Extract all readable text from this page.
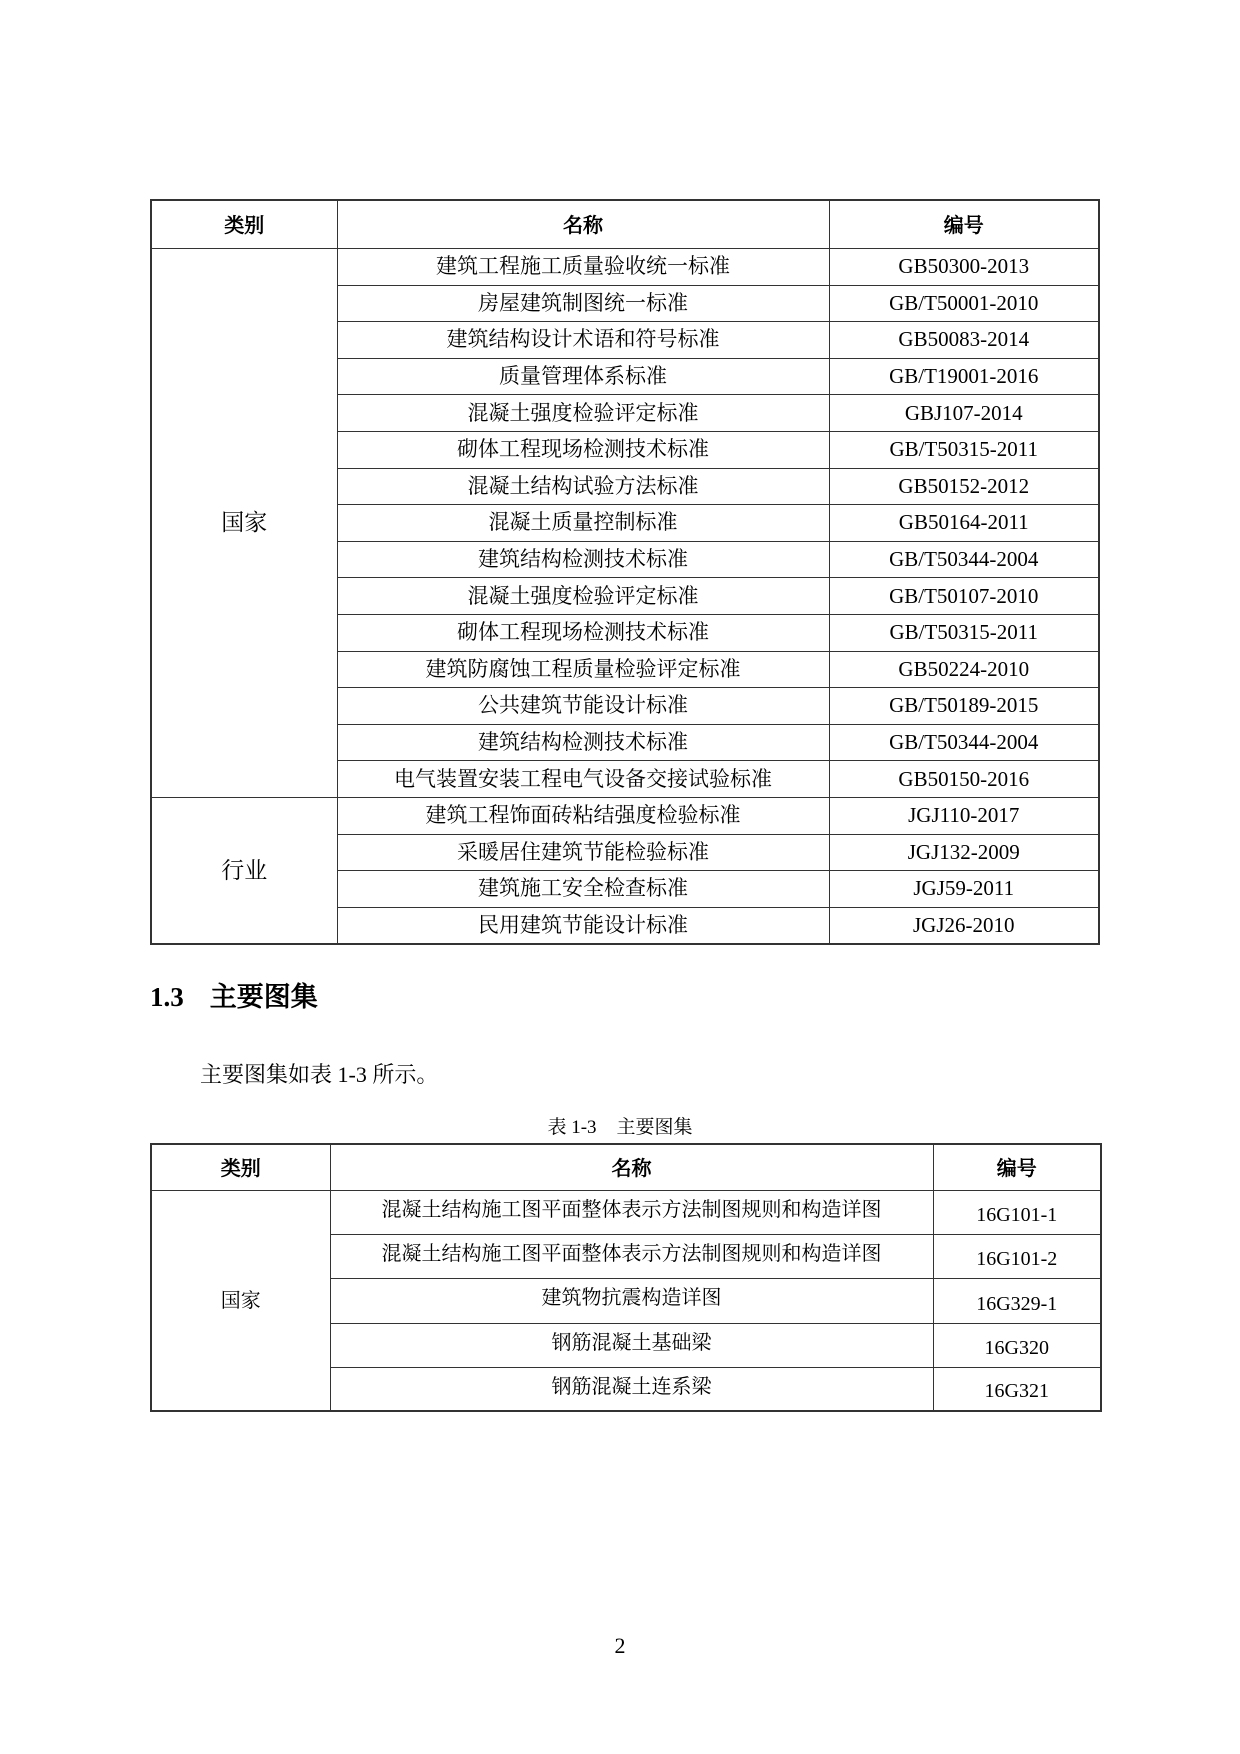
类别	名称	编号
国家	建筑工程施工质量验收统一标准	GB50300-2013
	房屋建筑制图统一标准	GB/T50001-2010
	建筑结构设计术语和符号标准	GB50083-2014
	质量管理体系标准	GB/T19001-2016
	混凝土强度检验评定标准	GBJ107-2014
	砌体工程现场检测技术标准	GB/T50315-2011
	混凝土结构试验方法标准	GB50152-2012
	混凝土质量控制标准	GB50164-2011
	建筑结构检测技术标准	GB/T50344-2004
	混凝土强度检验评定标准	GB/T50107-2010
	砌体工程现场检测技术标准	GB/T50315-2011
	建筑防腐蚀工程质量检验评定标准	GB50224-2010
	公共建筑节能设计标准	GB/T50189-2015
	建筑结构检测技术标准	GB/T50344-2004
	电气装置安装工程电气设备交接试验标准	GB50150-2016
行业	建筑工程饰面砖粘结强度检验标准	JGJ110-2017
	采暖居住建筑节能检验标准	JGJ132-2009
	建筑施工安全检查标准	JGJ59-2011
	民用建筑节能设计标准	JGJ26-2010
1.3 主要图集
主要图集如表 1-3 所示。
表 1-3 主要图集
类别	名称	编号
国家	混凝土结构施工图平面整体表示方法制图规则和构造详图	16G101-1
	混凝土结构施工图平面整体表示方法制图规则和构造详图	16G101-2
	建筑物抗震构造详图	16G329-1
	钢筋混凝土基础梁	16G320
	钢筋混凝土连系梁	16G321
2
